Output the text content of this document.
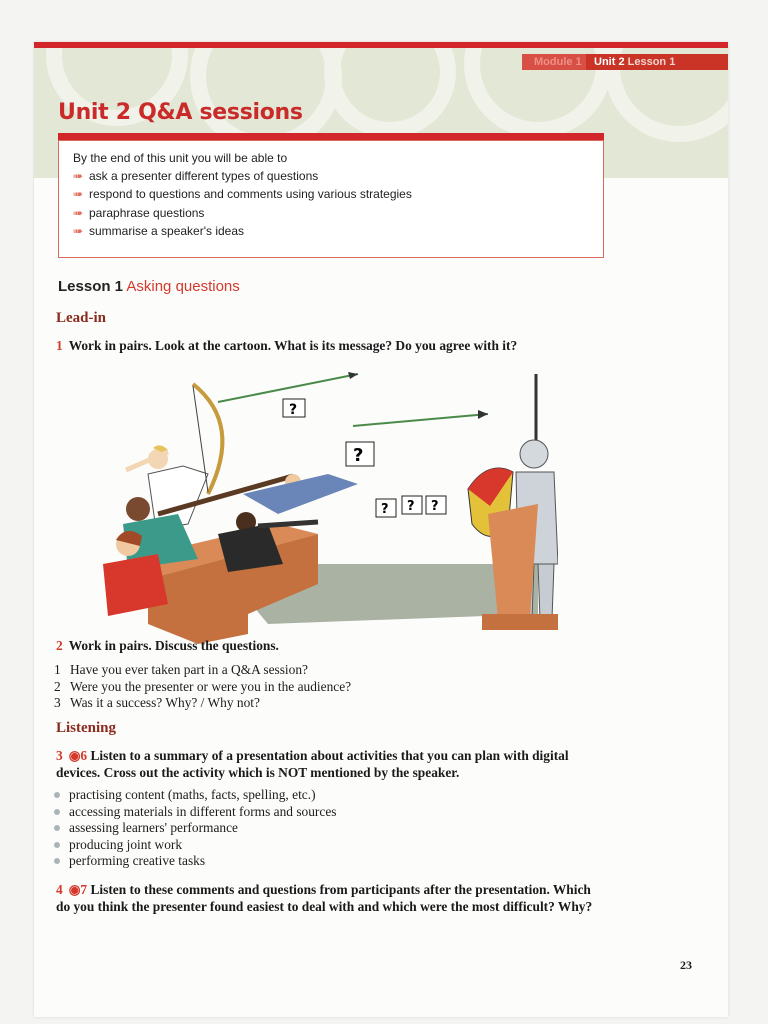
Module 1	Unit 2 Lesson 1
Unit 2 Q&A sessions

By the end of this unit you will be able to

➠ ask a presenter different types of questions
➠ respond to questions and comments using various strategies
➠ paraphrase questions
➠ summarise a speaker's ideas
Lesson 1 Asking questions
Lead-in
1 Work in pairs. Look at the cartoon. What is its message? Do you agree with it?
?
?
? ? ?
2 Work in pairs. Discuss the questions.
1 Have you ever taken part in a Q&A session?
2 Were you the presenter or were you in the audience?
3 Was it a success? Why? / Why not?
Listening
3 ◉6 Listen to a summary of a presentation about activities that you can plan with digital devices. Cross out the activity which is NOT mentioned by the speaker.
practising content (maths, facts, spelling, etc.)
accessing materials in different forms and sources
assessing learners' performance
producing joint work
performing creative tasks
4 ◉7 Listen to these comments and questions from participants after the presentation. Which do you think the presenter found easiest to deal with and which were the most difficult? Why?
23
